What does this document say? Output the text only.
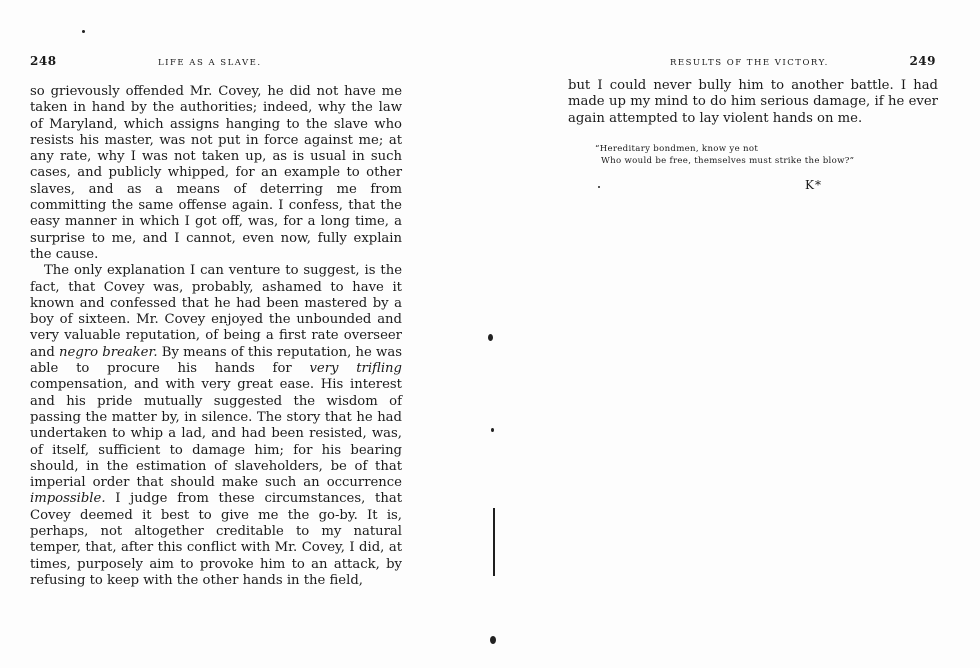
248	LIFE AS A SLAVE.

so grievously offended Mr. Covey, he did not have me taken in hand by the authorities; indeed, why the law of Maryland, which assigns hanging to the slave who resists his master, was not put in force against me; at any rate, why I was not taken up, as is usual in such cases, and publicly whipped, for an example to other slaves, and as a means of deterring me from committing the same offense again. I confess, that the easy manner in which I got off, was, for a long time, a surprise to me, and I cannot, even now, fully explain the cause.

The only explanation I can venture to suggest, is the fact, that Covey was, probably, ashamed to have it known and confessed that he had been mastered by a boy of sixteen. Mr. Covey enjoyed the unbounded and very valuable reputation, of being a first rate overseer and negro breaker. By means of this reputation, he was able to procure his hands for very trifling compensation, and with very great ease. His interest and his pride mutually suggested the wisdom of passing the matter by, in silence. The story that he had undertaken to whip a lad, and had been resisted, was, of itself, sufficient to damage him; for his bearing should, in the estimation of slaveholders, be of that imperial order that should make such an occurrence impossible. I judge from these circumstances, that Covey deemed it best to give me the go-by. It is, perhaps, not altogether creditable to my natural temper, that, after this conflict with Mr. Covey, I did, at times, purposely aim to provoke him to an attack, by refusing to keep with the other hands in the field,

RESULTS OF THE VICTORY.	249

but I could never bully him to another battle. I had made up my mind to do him serious damage, if he ever again attempted to lay violent hands on me.

“Hereditary bondmen, know ye not
Who would be free, themselves must strike the blow?”
K*
